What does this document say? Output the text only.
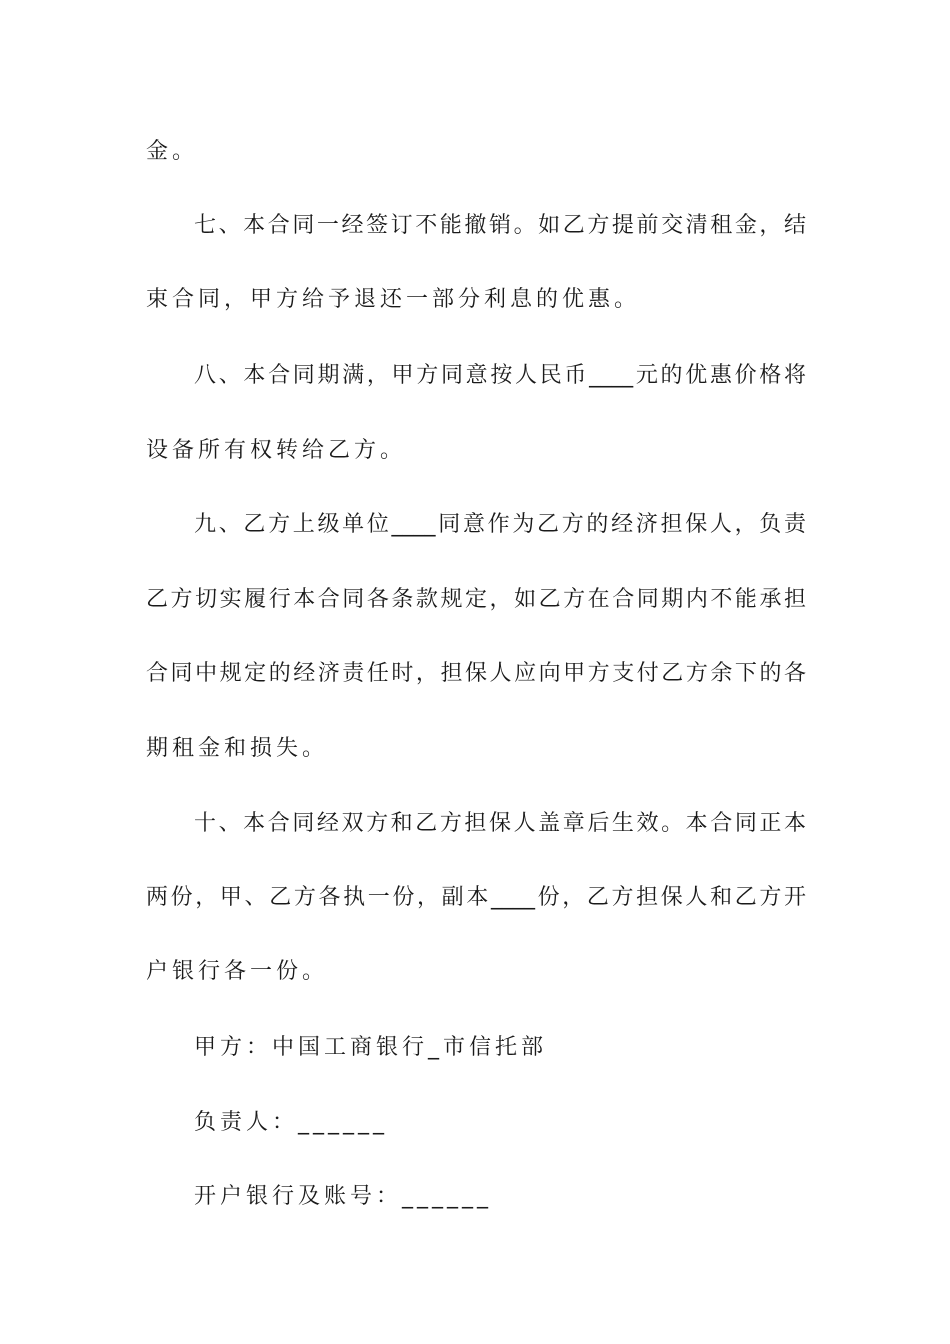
金。
七、本合同一经签订不能撤销。如乙方提前交清租金，结
束合同，甲方给予退还一部分利息的优惠。
八、本合同期满，甲方同意按人民币____元的优惠价格将
设备所有权转给乙方。
九、乙方上级单位____同意作为乙方的经济担保人，负责
乙方切实履行本合同各条款规定，如乙方在合同期内不能承担
合同中规定的经济责任时，担保人应向甲方支付乙方余下的各
期租金和损失。
十、本合同经双方和乙方担保人盖章后生效。本合同正本
两份，甲、乙方各执一份，副本____份，乙方担保人和乙方开
户银行各一份。
甲方：中国工商银行_市信托部
负责人：______
开户银行及账号：______
